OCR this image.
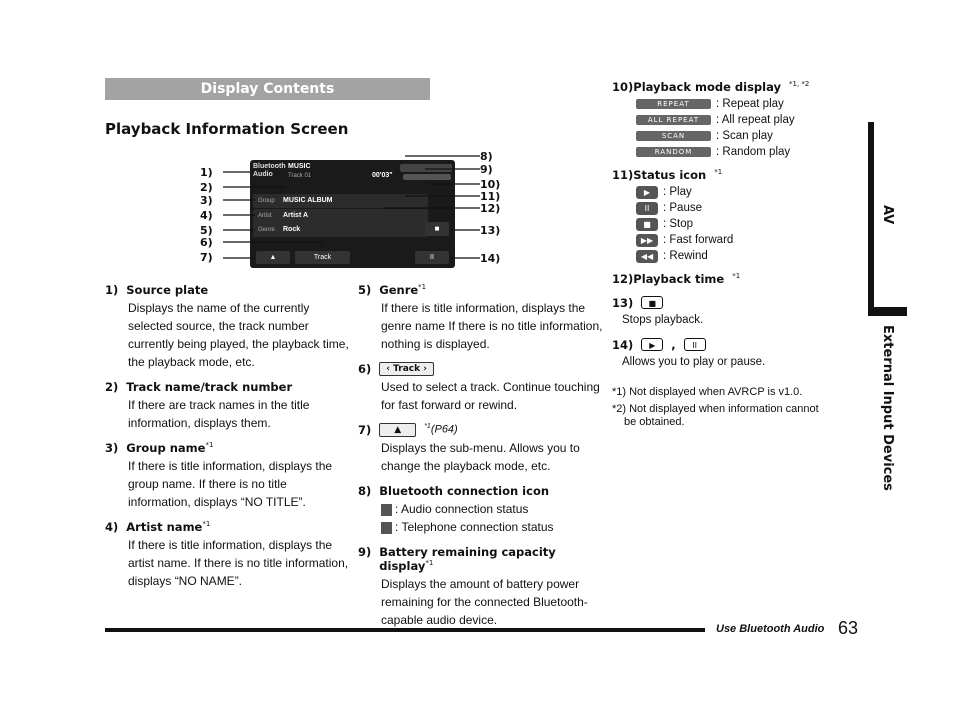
Display Contents
Playback Information Screen
Bluetooth
Audio
MUSIC
Track 01	00'03"
Group MUSIC ALBUM
Artist Artist A
Genre Rock	■
▲	Track	II
1)
2)
3)
4)
5)
6)
7)
8)
9)
10)
11)
12)
13)
14)
1) Source plate
Displays the name of the currently selected source, the track number currently being played, the playback time, the playback mode, etc.
2) Track name/track number
If there are track names in the title information, displays them.
3) Group name$^{*1}$
If there is title information, displays the group name. If there is no title information, displays “NO TITLE”.
4) Artist name$^{*1}$
If there is title information, displays the artist name. If there is no title information, displays “NO NAME”.
5) Genre$^{*1}$
If there is title information, displays the genre name If there is no title information, nothing is displayed.
6)	‹ Track ›
Used to select a track. Continue touching for fast forward or rewind.
7)	▲	$^{*1}$(P64)
Displays the sub-menu. Allows you to change the playback mode, etc.
8) Bluetooth connection icon
: Audio connection status
: Telephone connection status
9) Battery remaining capacity display$^{*1}$
Displays the amount of battery power remaining for the connected Bluetooth-capable audio device.
10)Playback mode display *1, *2
REPEAT	: Repeat play
ALL REPEAT	: All repeat play
SCAN	: Scan play
RANDOM	: Random play
11)Status icon *1
▶	: Play
II	: Pause
■	: Stop
▶▶ : Fast forward
◀◀ : Rewind
12)Playback time *1
13)	■
Stops playback.
14)	▶	,	II
Allows you to play or pause.
*1) Not displayed when AVRCP is v1.0.
*2) Not displayed when information cannot be obtained.
AV
External Input Devices
Use Bluetooth Audio 63
